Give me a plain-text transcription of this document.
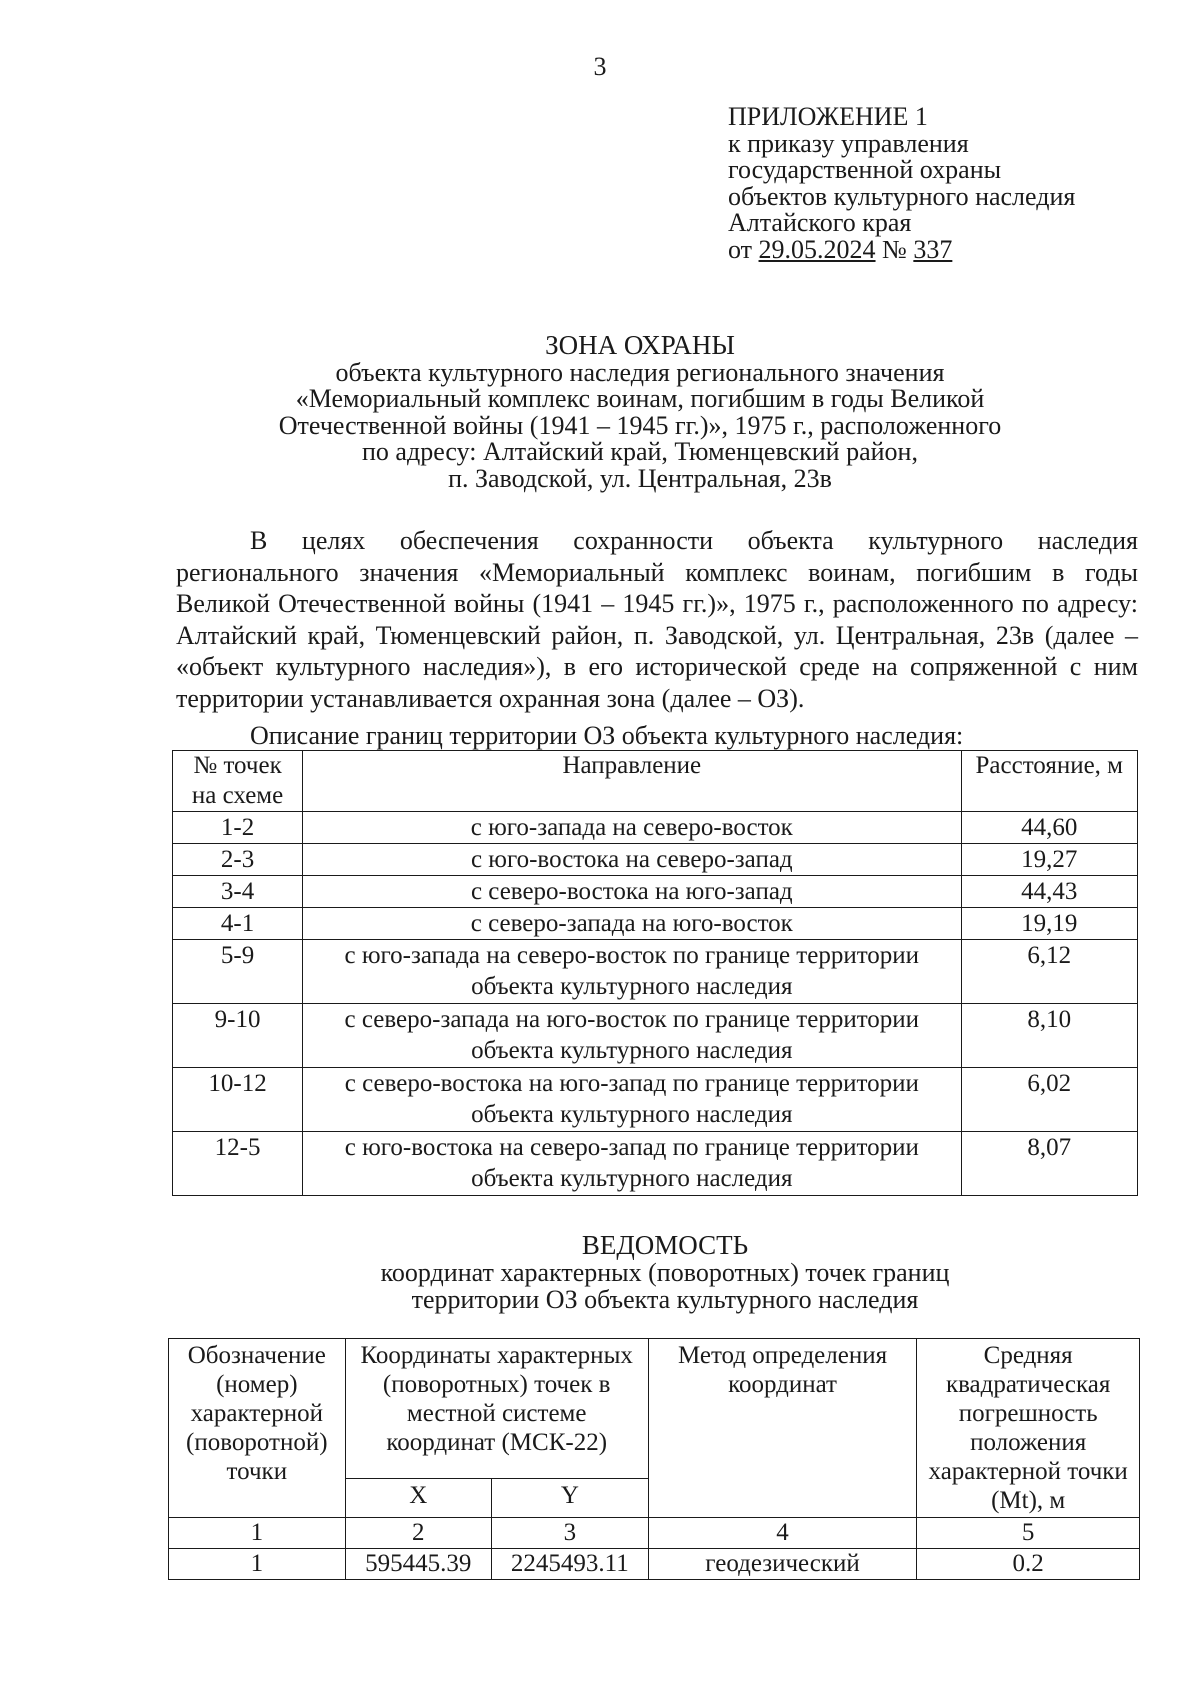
3
ПРИЛОЖЕНИЕ 1
к приказу управления
государственной охраны
объектов культурного наследия
Алтайского края
от 29.05.2024 № 337
ЗОНА ОХРАНЫ
объекта культурного наследия регионального значения
«Мемориальный комплекс воинам, погибшим в годы Великой
Отечественной войны (1941 – 1945 гг.)», 1975 г., расположенного
по адресу: Алтайский край, Тюменцевский район,
п. Заводской, ул. Центральная, 23в

В целях обеспечения сохранности объекта культурного наследия регионального значения «Мемориальный комплекс воинам, погибшим в годы Великой Отечественной войны (1941 – 1945 гг.)», 1975 г., расположенного по адресу: Алтайский край, Тюменцевский район, п. Заводской, ул. Центральная, 23в (далее – «объект культурного наследия»), в его исторической среде на сопряженной с ним территории устанавливается охранная зона (далее – ОЗ).

Описание границ территории ОЗ объекта культурного наследия:
№ точек на схеме	Направление	Расстояние, м
1-2	с юго-запада на северо-восток	44,60
2-3	с юго-востока на северо-запад	19,27
3-4	с северо-востока на юго-запад	44,43
4-1	с северо-запада на юго-восток	19,19
5-9	с юго-запада на северо-восток по границе территории объекта культурного наследия	6,12
9-10	с северо-запада на юго-восток по границе территории объекта культурного наследия	8,10
10-12	с северо-востока на юго-запад по границе территории объекта культурного наследия	6,02
12-5	с юго-востока на северо-запад по границе территории объекта культурного наследия	8,07
ВЕДОМОСТЬ
координат характерных (поворотных) точек границ
территории ОЗ объекта культурного наследия
Обозначение (номер) характерной (поворотной) точки	Координаты характерных (поворотных) точек в местной системе координат (МСК-22)		Метод определения координат	Средняя квадратическая погрешность положения характерной точки (Mt), м
	X	Y		
1	2	3	4	5
1	595445.39	2245493.11	геодезический	0.2
